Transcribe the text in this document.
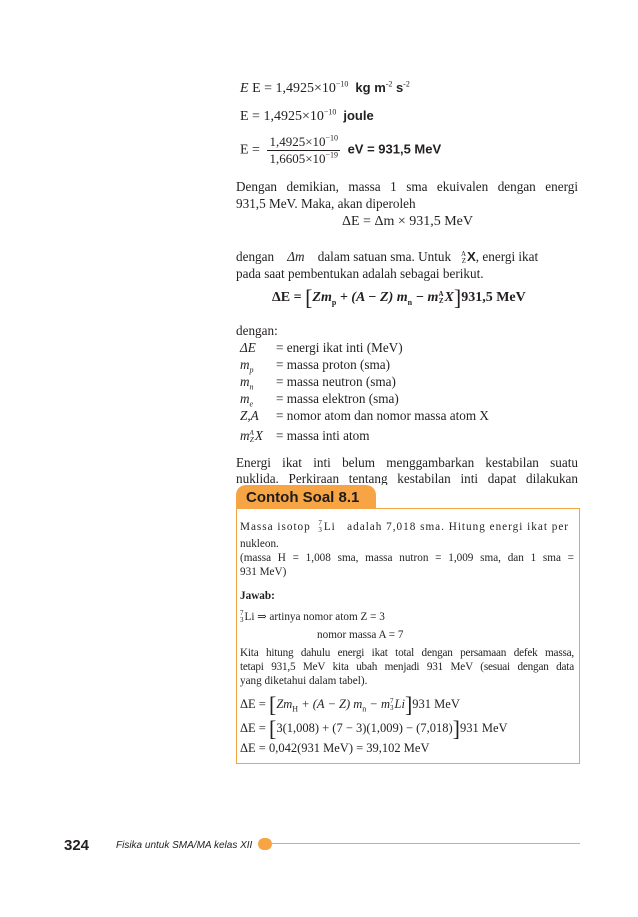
E $E = 1,4925\times 10^{-10}$ kg $m^{-2}$ $s^{-2}$
$E = 1,4925\times 10^{-10}$ joule
$E = \frac{1,4925\times 10^{-10}}{1,6605\times 10^{-19}}$ eV = 931,5 MeV
Dengan demikian, massa 1 sma ekuivalen dengan energi
931,5 MeV. Maka, akan diperoleh
ΔE = Δm × 931,5 MeV
dengan Δm dalam satuan sma. Untuk A
ZX, energi ikat
pada saat pembentukan adalah sebagai berikut.
$\Delta E = [Zm_p + (A - Z) m_n$ − mA
ZX]931,5 MeV
dengan:
ΔE = energi ikat inti (MeV)
$m_p$ = massa proton (sma)
$m_n$ = massa neutron (sma)
$m_e$ = massa elektron (sma)
Z,A = nomor atom dan nomor massa atom X
mA
ZX = massa inti atom
Energi ikat inti belum menggambarkan kestabilan suatu
nuklida. Perkiraan tentang kestabilan inti dapat dilakukan
Contoh Soal 8.1
Massa isotop 7
3Li adalah 7,018 sma. Hitung energi ikat per
nukleon.
(massa H = 1,008 sma, massa nutron = 1,009 sma, dan 1 sma =
931 MeV)
Jawab:
7
3Li ⇒ artinya nomor atom Z = 3
nomor massa A = 7
Kita hitung dahulu energi ikat total dengan persamaan defek massa,
tetapi 931,5 MeV kita ubah menjadi 931 MeV (sesuai dengan data
yang diketahui dalam tabel).
$\Delta E = [Zm_H + (A - Z) m_n - m7$
3Li]931 MeV
ΔE = [3(1,008) + (7 − 3)(1,009) − (7,018)]931 MeV
ΔE = 0,042(931 MeV) = 39,102 MeV
324	Fisika untuk SMA/MA kelas XII
